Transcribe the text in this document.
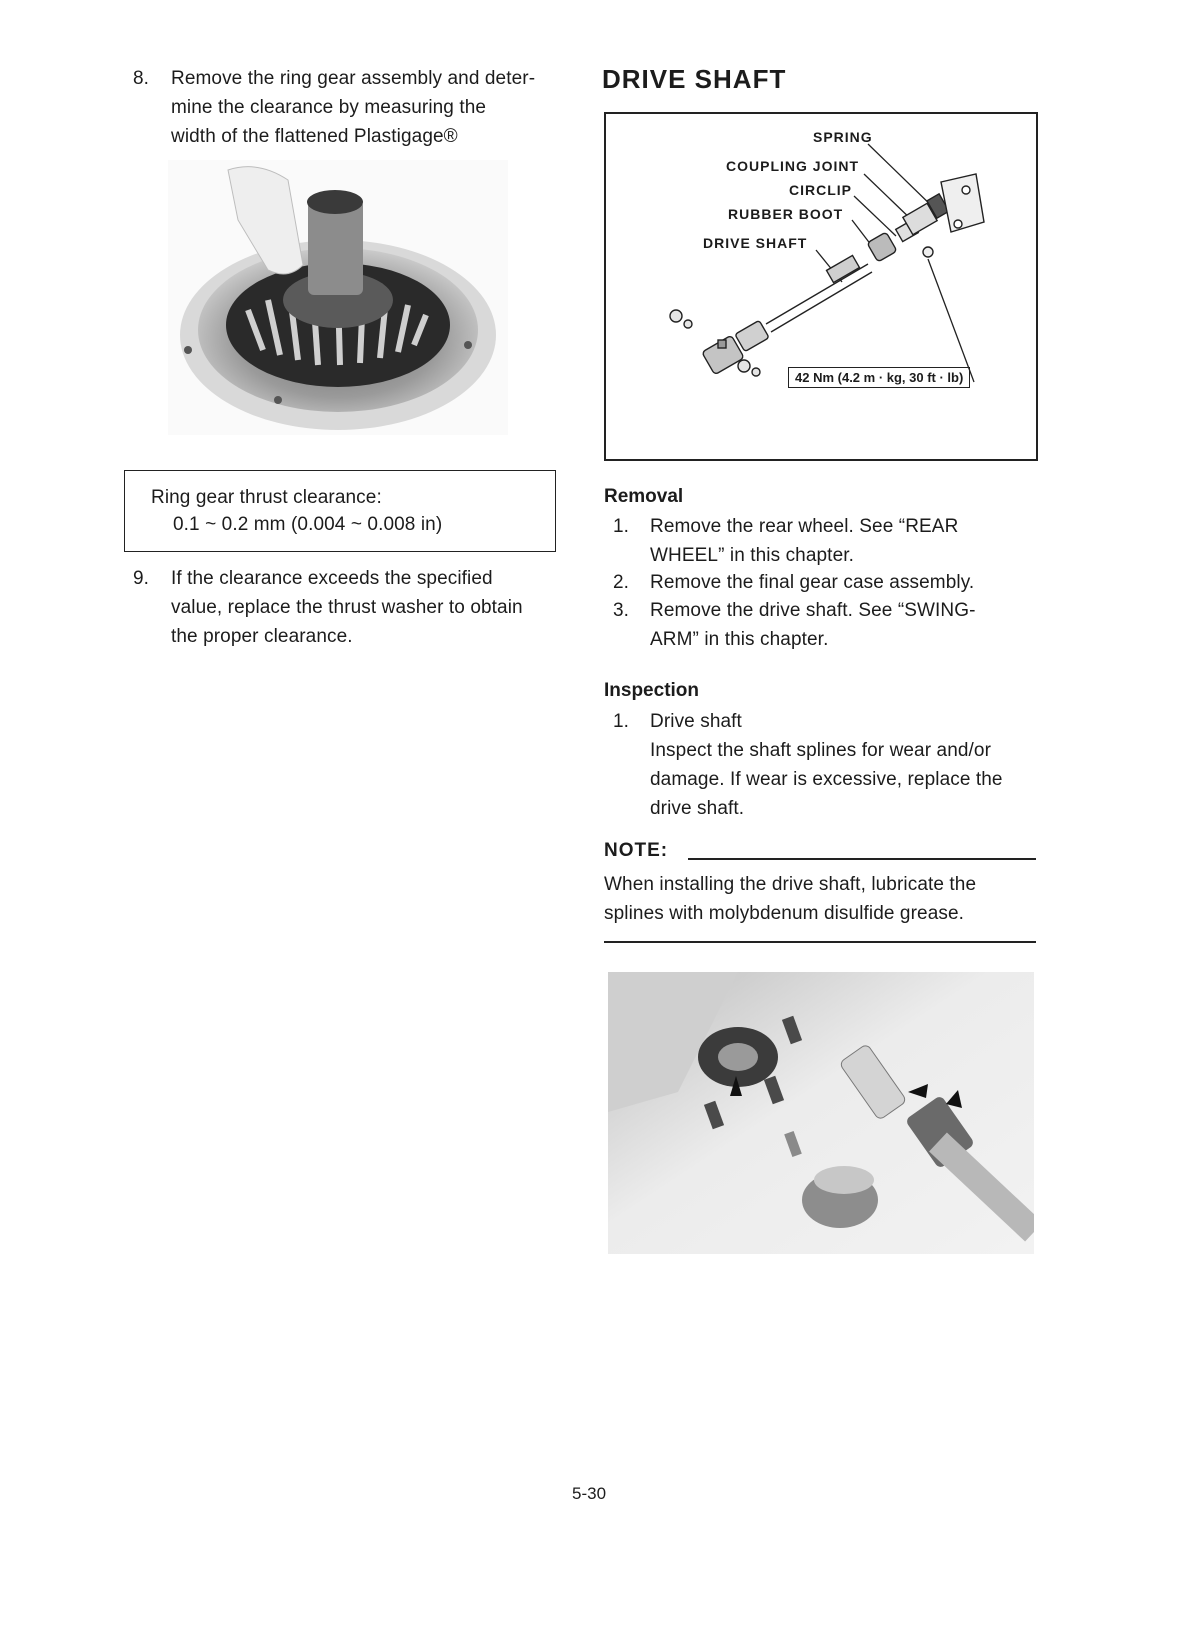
8. Remove the ring gear assembly and deter-
mine the clearance by measuring the
width of the flattened Plastigage®
Ring gear thrust clearance:
0.1 ~ 0.2 mm (0.004 ~ 0.008 in)
9. If the clearance exceeds the specified
value, replace the thrust washer to obtain
the proper clearance.
DRIVE SHAFT
SPRING
COUPLING JOINT
CIRCLIP
RUBBER BOOT
DRIVE SHAFT
42 Nm (4.2 m · kg, 30 ft · lb)
Removal
1. Remove the rear wheel. See “REAR
WHEEL” in this chapter.
2. Remove the final gear case assembly.
3. Remove the drive shaft. See “SWING-
ARM” in this chapter.
Inspection
1. Drive shaft
Inspect the shaft splines for wear and/or
damage. If wear is excessive, replace the
drive shaft.
NOTE:
When installing the drive shaft, lubricate the
splines with molybdenum disulfide grease.
5-30
